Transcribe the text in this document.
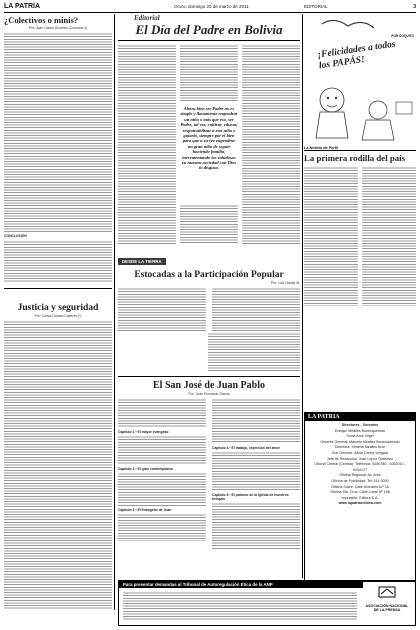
LA PATRIA	Oruro, domingo 20 de marzo de 2011	EDITORIAL	3
¿Colectivos o minis?
Por: Juan Carlos Guzmán (Columna 1)
CONCLUSIÓN
Justicia y seguridad
Por: Carlos Dorado Cáceres (*)
Editorial
El Día del Padre en Bolivia
Ahora bien ser Padre no es simple y llanamente engendrar un niño o más que eso, ser Padre, tal vez, cultivar, educar, responsabilizar a este niño y guiarlo, siempre por el bien para que a su vez engendrar un gran niño de seguir haciendo familia, incrementando los saludosos en nuestra sociedad con Dios lo disgusa.
POR COQUITO
¡Felicidades a todos los PAPÁS!
La Noticia de Perfil
La primera rodilla del país
DESDE LA TIERRA
Estocadas a la Participación Popular
Por: Luis Clavijo M.
El San José de Juan Pablo
Por: Juan Fernando García
Capítulo 1.º El mayor evangelio
Capítulo 2.º El gran contemplativo
Capítulo 3.º El Evangelio de Juan
Capítulo 4.º El trabajo, expresión del amor
Capítulo 5.º El patrono de la Iglesia de nuestros tiempos
LA PATRIA
Directores - Gerentes
Enrique Miralles Bonecquereau
Sonia Arce Vogel
Gerente General: Marcelo Miralles Bonecquereau
Directora: Ximena Miralles Arce
Sub Gerente: Alicia Cortés Vergara
Jefe de Redacción: José López Gutiérrez
Oficina Central (Central): Teléfonos: 5250780 - 5252010 - 5254127
Oficina Regional: Av. Arce
Oficina de Publicidad: Tel: 511-0000
Oficina Sucre: Calle Arenales N.º 18
Oficina Sta. Cruz: Calle Lunar Nº 198
Impresión: Editora S.A.
www.lapatriaenlinea.com
Para presentar demandas al Tribunal de Autoregulación Ética de la ANP
ASOCIACIÓN NACIONAL DE LA PRENSA
